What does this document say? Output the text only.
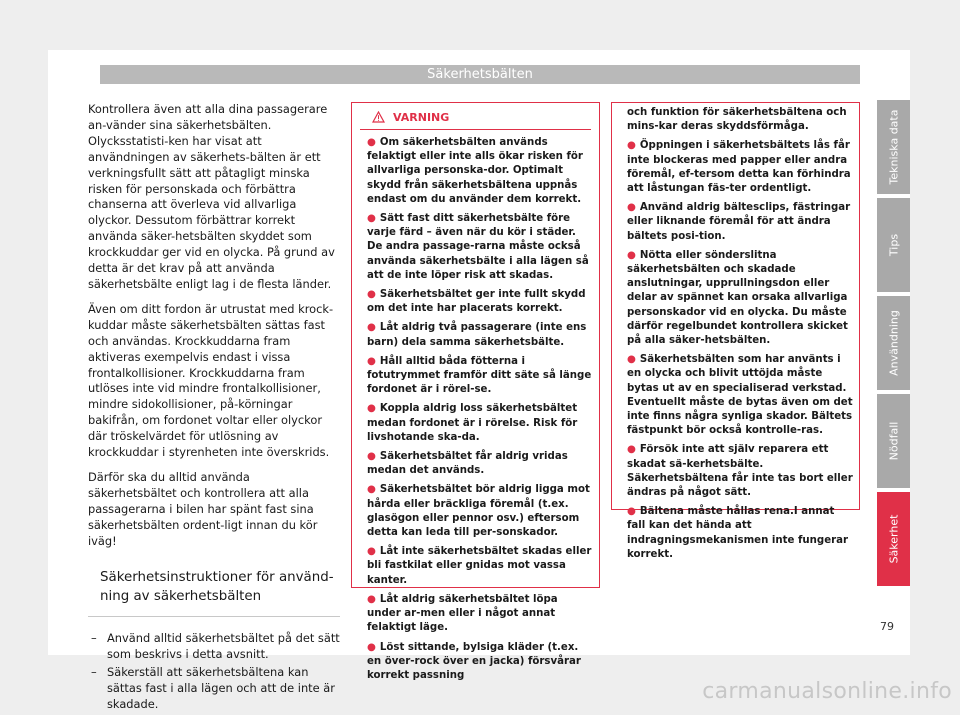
Säkerhetsbälten

Kontrollera även att alla dina passagerare an-vänder sina säkerhetsbälten. Olycksstatisti-ken har visat att användningen av säkerhets-bälten är ett verkningsfullt sätt att påtagligt minska risken för personskada och förbättra chanserna att överleva vid allvarliga olyckor. Dessutom förbättrar korrekt använda säker-hetsbälten skyddet som krockkuddar ger vid en olycka. På grund av detta är det krav på att använda säkerhetsbälte enligt lag i de flesta länder.

Även om ditt fordon är utrustat med krock-kuddar måste säkerhetsbälten sättas fast och användas. Krockkuddarna fram aktiveras exempelvis endast i vissa frontalkollisioner. Krockkuddarna fram utlöses inte vid mindre frontalkollisioner, mindre sidokollisioner, på-körningar bakifrån, om fordonet voltar eller olyckor där tröskelvärdet för utlösning av krockkuddar i styrenheten inte överskrids.

Därför ska du alltid använda säkerhetsbältet och kontrollera att alla passagerarna i bilen har spänt fast sina säkerhetsbälten ordent-ligt innan du kör iväg!

Säkerhetsinstruktioner för använd-ning av säkerhetsbälten
– Använd alltid säkerhetsbältet på det sätt som beskrivs i detta avsnitt.
– Säkerställ att säkerhetsbältena kan sättas fast i alla lägen och att de inte är skadade.
VARNING
● Om säkerhetsbälten används felaktigt eller inte alls ökar risken för allvarliga personska-dor. Optimalt skydd från säkerhetsbältena uppnås endast om du använder dem korrekt.
● Sätt fast ditt säkerhetsbälte före varje färd – även när du kör i städer. De andra passage-rarna måste också använda säkerhetsbälte i alla lägen så att de inte löper risk att skadas.
● Säkerhetsbältet ger inte fullt skydd om det inte har placerats korrekt.
● Låt aldrig två passagerare (inte ens barn) dela samma säkerhetsbälte.
● Håll alltid båda fötterna i fotutrymmet framför ditt säte så länge fordonet är i rörel-se.
● Koppla aldrig loss säkerhetsbältet medan fordonet är i rörelse. Risk för livshotande ska-da.
● Säkerhetsbältet får aldrig vridas medan det används.
● Säkerhetsbältet bör aldrig ligga mot hårda eller bräckliga föremål (t.ex. glasögon eller pennor osv.) eftersom detta kan leda till per-sonskador.
● Låt inte säkerhetsbältet skadas eller bli fastkilat eller gnidas mot vassa kanter.
● Låt aldrig säkerhetsbältet löpa under ar-men eller i något annat felaktigt läge.
● Löst sittande, bylsiga kläder (t.ex. en över-rock över en jacka) försvårar korrekt passning
och funktion för säkerhetsbältena och mins-kar deras skyddsförmåga.
● Öppningen i säkerhetsbältets lås får inte blockeras med papper eller andra föremål, ef-tersom detta kan förhindra att låstungan fäs-ter ordentligt.
● Använd aldrig bältesclips, fästringar eller liknande föremål för att ändra bältets posi-tion.
● Nötta eller sönderslitna säkerhetsbälten och skadade anslutningar, upprullningsdon eller delar av spännet kan orsaka allvarliga personskador vid en olycka. Du måste därför regelbundet kontrollera skicket på alla säker-hetsbälten.
● Säkerhetsbälten som har använts i en olycka och blivit uttöjda måste bytas ut av en specialiserad verkstad. Eventuellt måste de bytas även om det inte finns några synliga skador. Bältets fästpunkt bör också kontrolle-ras.
● Försök inte att själv reparera ett skadat sä-kerhetsbälte. Säkerhetsbältena får inte tas bort eller ändras på något sätt.
● Bältena måste hållas rena.I annat fall kan det hända att indragningsmekanismen inte fungerar korrekt.
Tekniska data
Tips
Användning
Nödfall
Säkerhet
79
carmanualsonline.info
